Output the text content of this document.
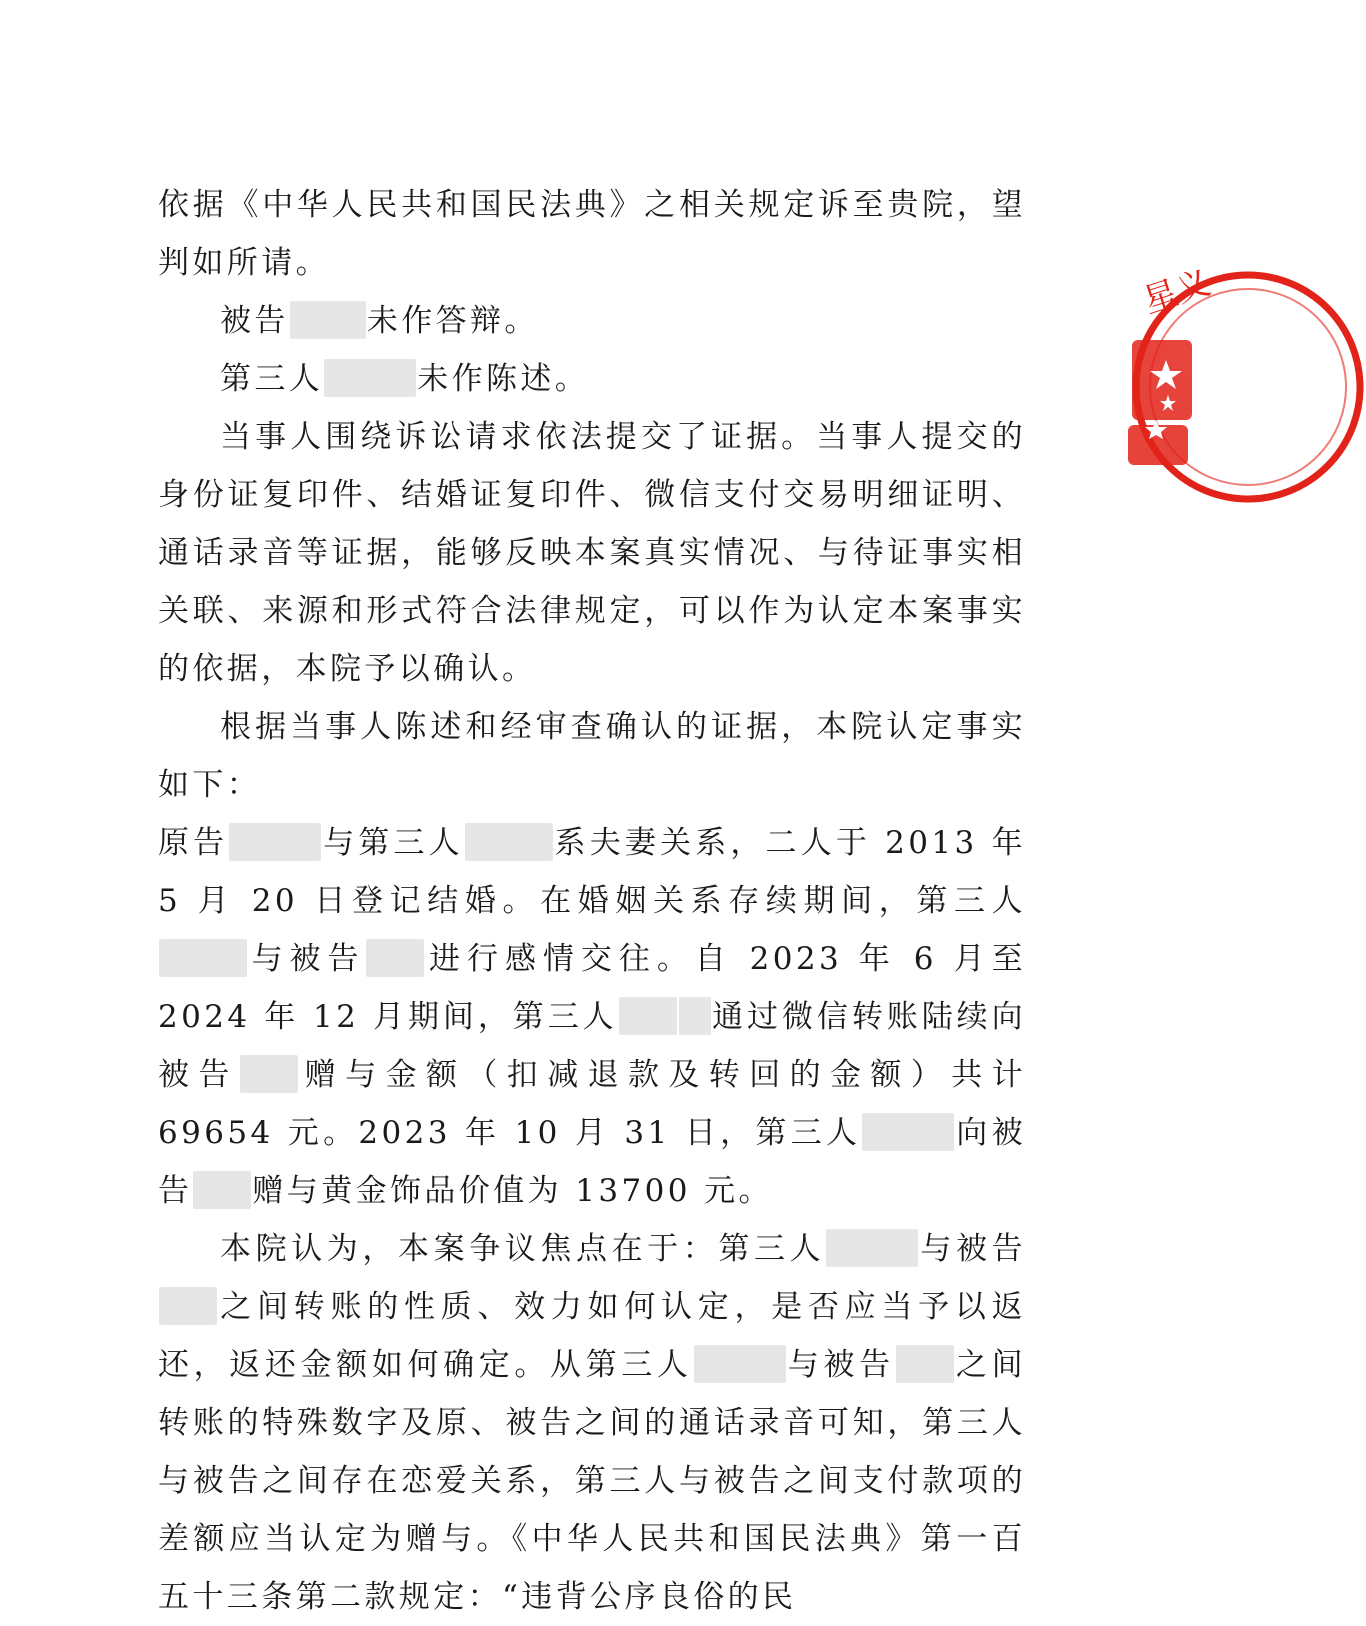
依据《中华人民共和国民法典》之相关规定诉至贵院，望判如所请。

被告	未作答辩。

第三人	未作陈述。

当事人围绕诉讼请求依法提交了证据。当事人提交的身份证复印件、结婚证复印件、微信支付交易明细证明、通话录音等证据，能够反映本案真实情况、与待证事实相关联、来源和形式符合法律规定，可以作为认定本案事实的依据，本院予以确认。

根据当事人陈述和经审查确认的证据，本院认定事实如下：

原告	与第三人	系夫妻关系，二人于 2013 年 5 月 20 日登记结婚。在婚姻关系存续期间，第三人与被告 进行感情交往。自 2023 年 6 月至 2024 年 12 月期间，第三人	通过微信转账陆续向被告 赠与金额（扣减退款及转回的金额）共计 69654 元。2023 年 10 月 31 日，第三人	向被告 赠与黄金饰品价值为 13700 元。

本院认为，本案争议焦点在于：第三人	与被告之间转账的性质、效力如何认定，是否应当予以返还，返还金额如何确定。从第三人	与被告 之间转账的特殊数字及原、被告之间的通话录音可知，第三人与被告之间存在恋爱关系，第三人与被告之间支付款项的差额应当认定为赠与。《中华人民共和国民法典》第一百五十三条第二款规定：“违背公序良俗的民

星义
